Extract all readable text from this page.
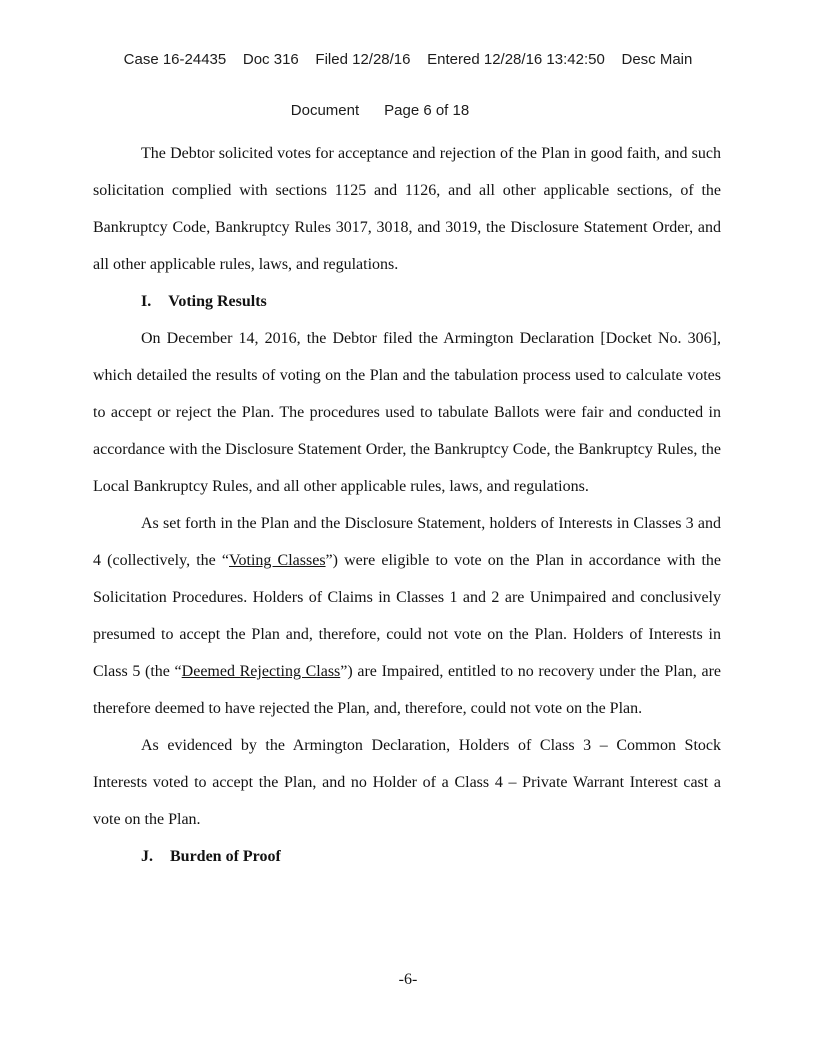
Case 16-24435    Doc 316    Filed 12/28/16    Entered 12/28/16 13:42:50    Desc Main

Document      Page 6 of 18

The Debtor solicited votes for acceptance and rejection of the Plan in good faith, and such solicitation complied with sections 1125 and 1126, and all other applicable sections, of the Bankruptcy Code, Bankruptcy Rules 3017, 3018, and 3019, the Disclosure Statement Order, and all other applicable rules, laws, and regulations.

I. Voting Results

On December 14, 2016, the Debtor filed the Armington Declaration [Docket No. 306], which detailed the results of voting on the Plan and the tabulation process used to calculate votes to accept or reject the Plan. The procedures used to tabulate Ballots were fair and conducted in accordance with the Disclosure Statement Order, the Bankruptcy Code, the Bankruptcy Rules, the Local Bankruptcy Rules, and all other applicable rules, laws, and regulations.

As set forth in the Plan and the Disclosure Statement, holders of Interests in Classes 3 and 4 (collectively, the “Voting Classes”) were eligible to vote on the Plan in accordance with the Solicitation Procedures. Holders of Claims in Classes 1 and 2 are Unimpaired and conclusively presumed to accept the Plan and, therefore, could not vote on the Plan. Holders of Interests in Class 5 (the “Deemed Rejecting Class”) are Impaired, entitled to no recovery under the Plan, are therefore deemed to have rejected the Plan, and, therefore, could not vote on the Plan.

As evidenced by the Armington Declaration, Holders of Class 3 – Common Stock Interests voted to accept the Plan, and no Holder of a Class 4 – Private Warrant Interest cast a vote on the Plan.

J. Burden of Proof
-6-
